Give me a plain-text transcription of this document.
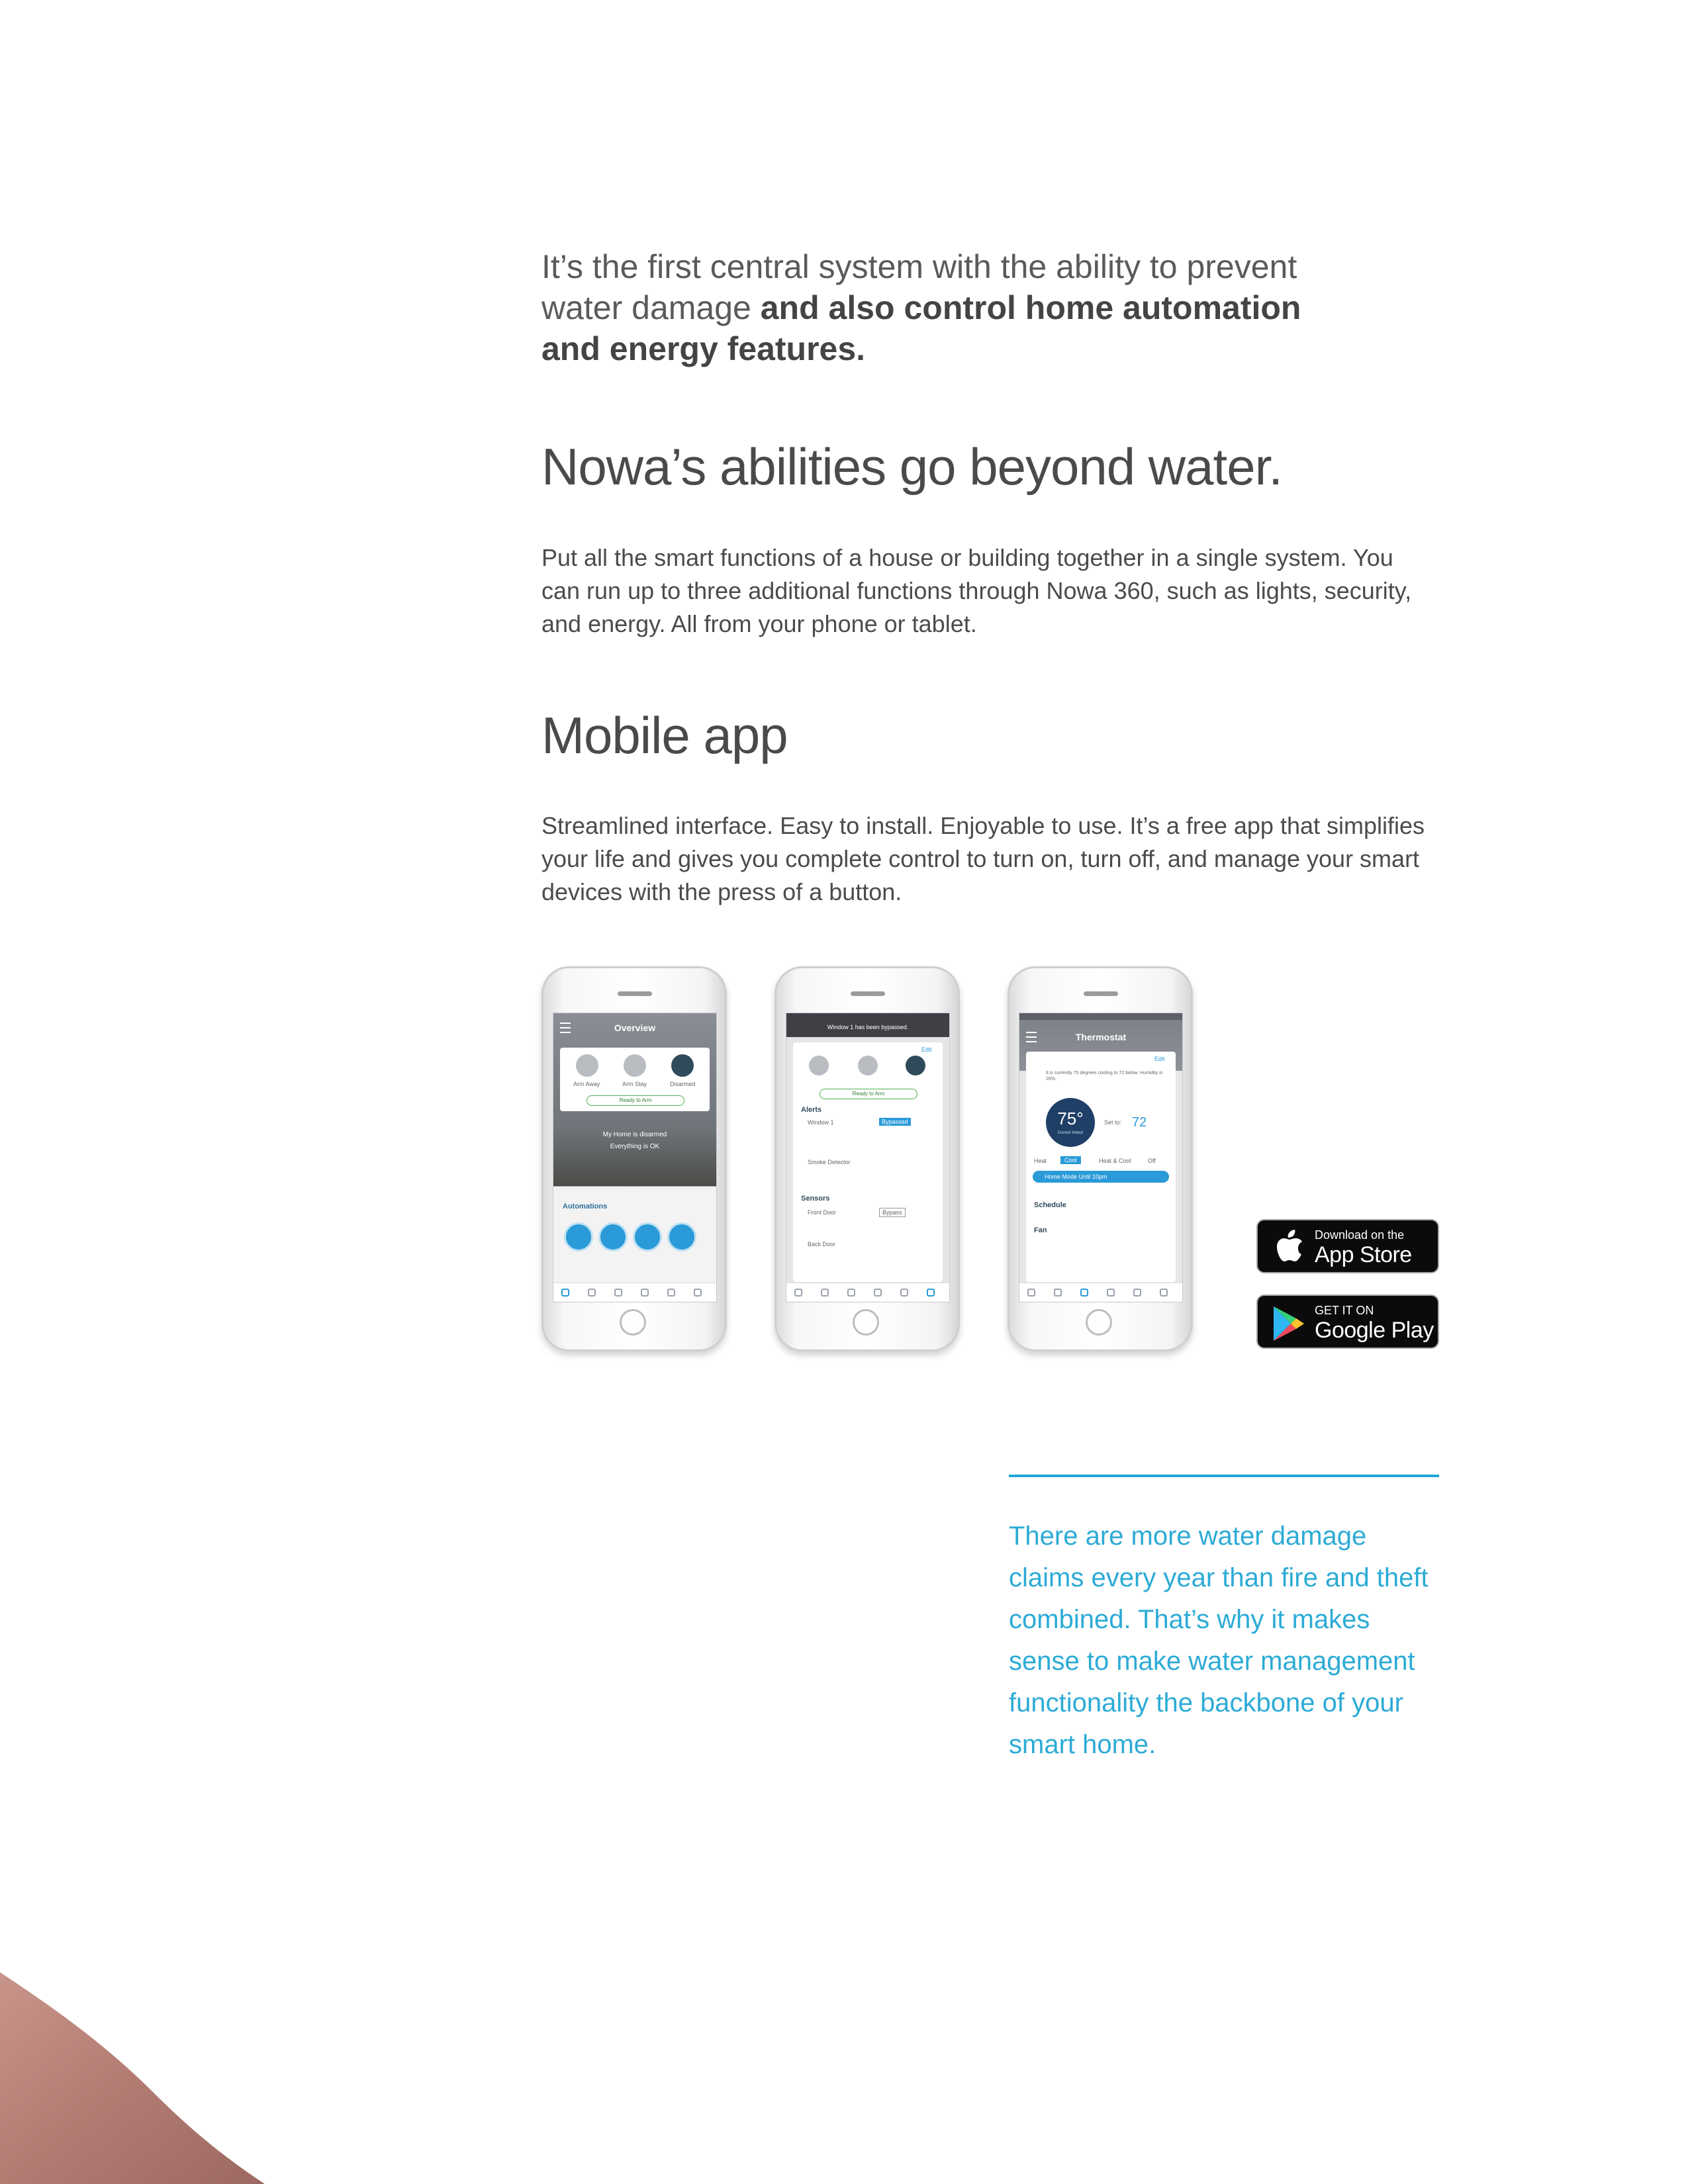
It’s the first central system with the ability to prevent water damage and also control home automation and energy features.
Nowa’s abilities go beyond water.
Put all the smart functions of a house or building together in a single system. You can run up to three additional functions through Nowa 360, such as lights, security, and energy. All from your phone or tablet.
Mobile app
Streamlined interface. Easy to install. Enjoyable to use. It’s a free app that simplifies your life and gives you complete control to turn on, turn off, and manage your smart devices with the press of a button.
Overview
Arm Away	Arm Stay	Disarmed
Ready to Arm
My Home is disarmed
Everything is OK
Automations
Window 1 has been bypassed.
Edit
Ready to Arm
Alerts
Window 1	Bypassed
Smoke Detector
Sensors
Front Door	Bypass
Back Door
Thermostat
Edit
It is currently 75 degrees cooling to 72 below. Humidity is 26%.
75°
Current Indoor
Set to: 72
Heat	Cool	Heat & Cool	Off
Home Mode Until 10pm
Schedule
Fan	Download on the
App Store
GET IT ON
Google Play
There are more water damage claims every year than fire and theft combined. That’s why it makes sense to make water management functionality the backbone of your smart home.
